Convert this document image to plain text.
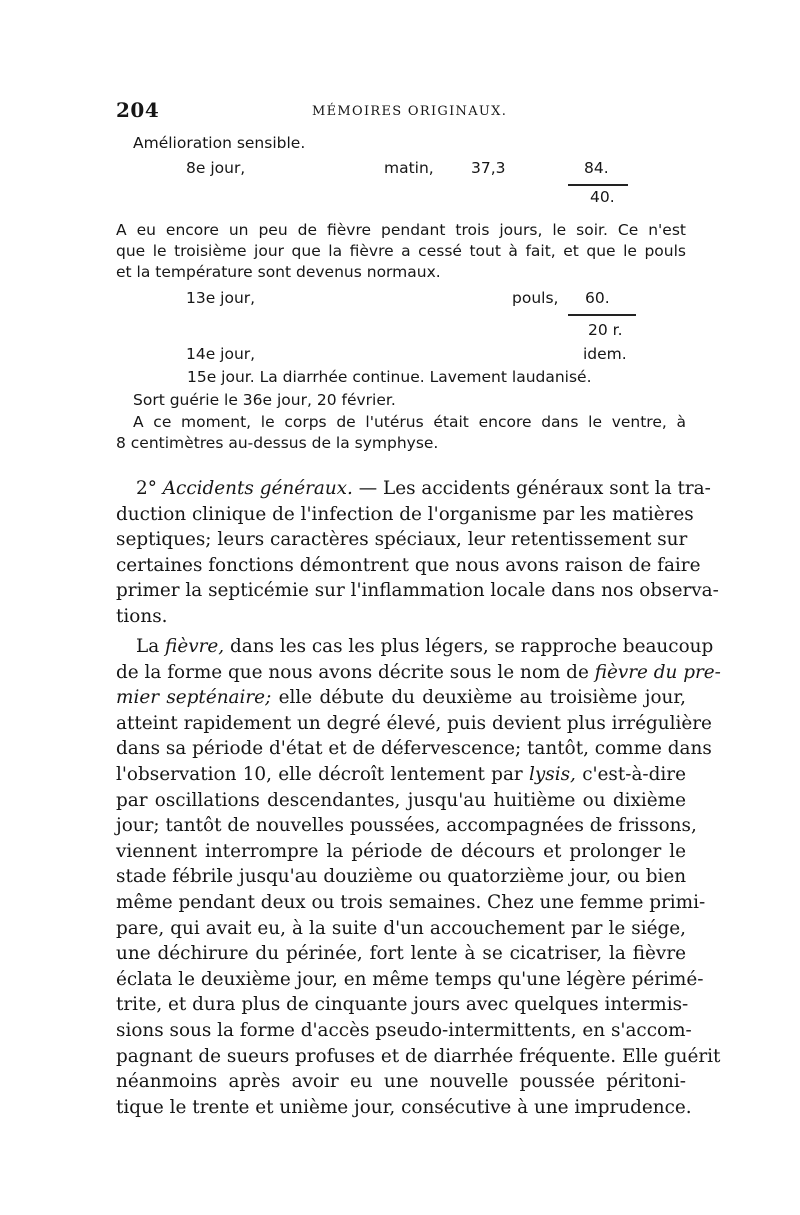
204	MÉMOIRES ORIGINAUX.
Amélioration sensible.
8e jour,	matin, 37,3	84.
40.
A eu encore un peu de fièvre pendant trois jours, le soir. Ce n'est
que le troisième jour que la fièvre a cessé tout à fait, et que le pouls
et la température sont devenus normaux.
13e jour,	pouls, 60.
20 r.
14e jour,	idem.
15e jour. La diarrhée continue. Lavement laudanisé.
Sort guérie le 36e jour, 20 février.
A ce moment, le corps de l'utérus était encore dans le ventre, à
8 centimètres au-dessus de la symphyse.
2° Accidents généraux. — Les accidents généraux sont la tra-
duction clinique de l'infection de l'organisme par les matières
septiques; leurs caractères spéciaux, leur retentissement sur
certaines fonctions démontrent que nous avons raison de faire
primer la septicémie sur l'inflammation locale dans nos observa-
tions.
La fièvre, dans les cas les plus légers, se rapproche beaucoup
de la forme que nous avons décrite sous le nom de fièvre du pre-
mier septénaire; elle débute du deuxième au troisième jour,
atteint rapidement un degré élevé, puis devient plus irrégulière
dans sa période d'état et de défervescence; tantôt, comme dans
l'observation 10, elle décroît lentement par lysis, c'est-à-dire
par oscillations descendantes, jusqu'au huitième ou dixième
jour; tantôt de nouvelles poussées, accompagnées de frissons,
viennent interrompre la période de décours et prolonger le
stade fébrile jusqu'au douzième ou quatorzième jour, ou bien
même pendant deux ou trois semaines. Chez une femme primi-
pare, qui avait eu, à la suite d'un accouchement par le siége,
une déchirure du périnée, fort lente à se cicatriser, la fièvre
éclata le deuxième jour, en même temps qu'une légère périmé-
trite, et dura plus de cinquante jours avec quelques intermis-
sions sous la forme d'accès pseudo-intermittents, en s'accom-
pagnant de sueurs profuses et de diarrhée fréquente. Elle guérit
néanmoins après avoir eu une nouvelle poussée péritoni-
tique le trente et unième jour, consécutive à une imprudence.
